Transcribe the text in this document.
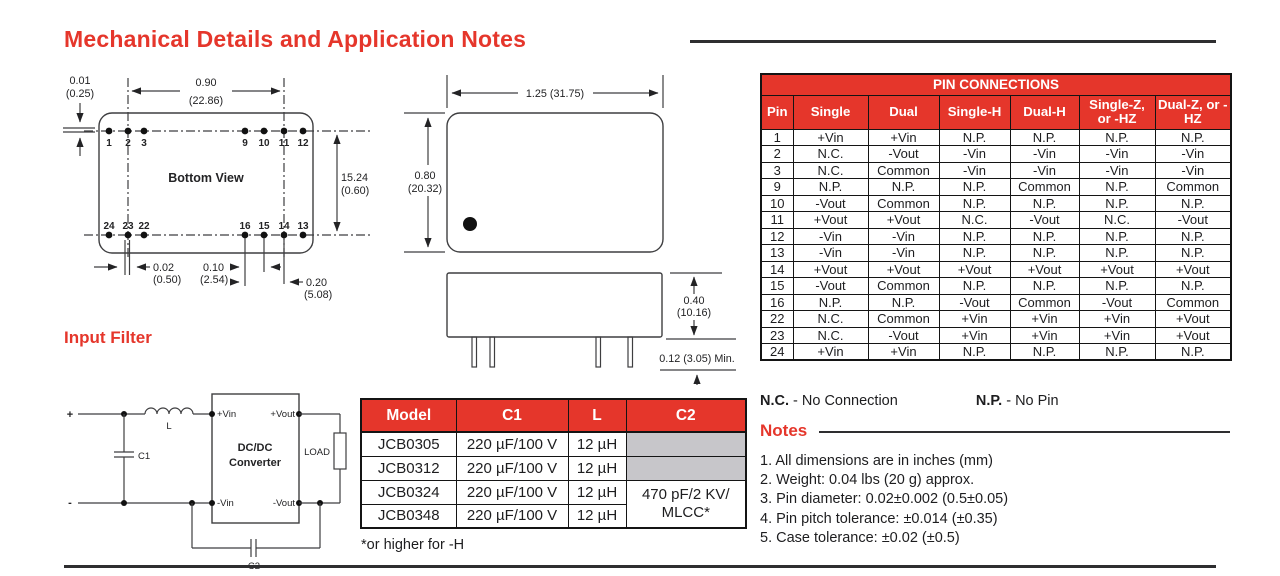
Mechanical Details and Application Notes
1 2 3	9 10 11 12
24 23 22	16 15 14 13
Bottom View
0.90
(22.86)
0.01
(0.25)
15.24
(0.60)
0.02
(0.50)
0.10
(2.54)	0.20
(5.08)
1.25 (31.75)
0.80
(20.32)
0.40
(10.16)
0.12 (3.05) Min.
Input Filter
+
-
L
C1
+Vin
-Vin
+Vout
-Vout
DC/DC
Converter
LOAD
Model	C1	L	C2
JCB0305	220 µF/100 V	12 µH	
JCB0312	220 µF/100 V	12 µH	
JCB0324	220 µF/100 V	12 µH	470 pF/2 KV/ MLCC*
JCB0348	220 µF/100 V	12 µH	
*or higher for -H
PIN CONNECTIONS						
Pin	Single	Dual	Single-H	Dual-H	Single-Z, or -HZ	Dual-Z, or -HZ
1	+Vin	+Vin	N.P.	N.P.	N.P.	N.P.
2	N.C.	-Vout	-Vin	-Vin	-Vin	-Vin
3	N.C.	Common	-Vin	-Vin	-Vin	-Vin
9	N.P.	N.P.	N.P.	Common	N.P.	Common
10	-Vout	Common	N.P.	N.P.	N.P.	N.P.
11	+Vout	+Vout	N.C.	-Vout	N.C.	-Vout
12	-Vin	-Vin	N.P.	N.P.	N.P.	N.P.
13	-Vin	-Vin	N.P.	N.P.	N.P.	N.P.
14	+Vout	+Vout	+Vout	+Vout	+Vout	+Vout
15	-Vout	Common	N.P.	N.P.	N.P.	N.P.
16	N.P.	N.P.	-Vout	Common	-Vout	Common
22	N.C.	Common	+Vin	+Vin	+Vin	+Vout
23	N.C.	-Vout	+Vin	+Vin	+Vin	+Vout
24	+Vin	+Vin	N.P.	N.P.	N.P.	N.P.
N.C. - No Connection	N.P. - No Pin
Notes
1. All dimensions are in inches (mm)
2. Weight: 0.04 lbs (20 g) approx.
3. Pin diameter: 0.02±0.002 (0.5±0.05)
4. Pin pitch tolerance: ±0.014 (±0.35)
5. Case tolerance: ±0.02 (±0.5)
